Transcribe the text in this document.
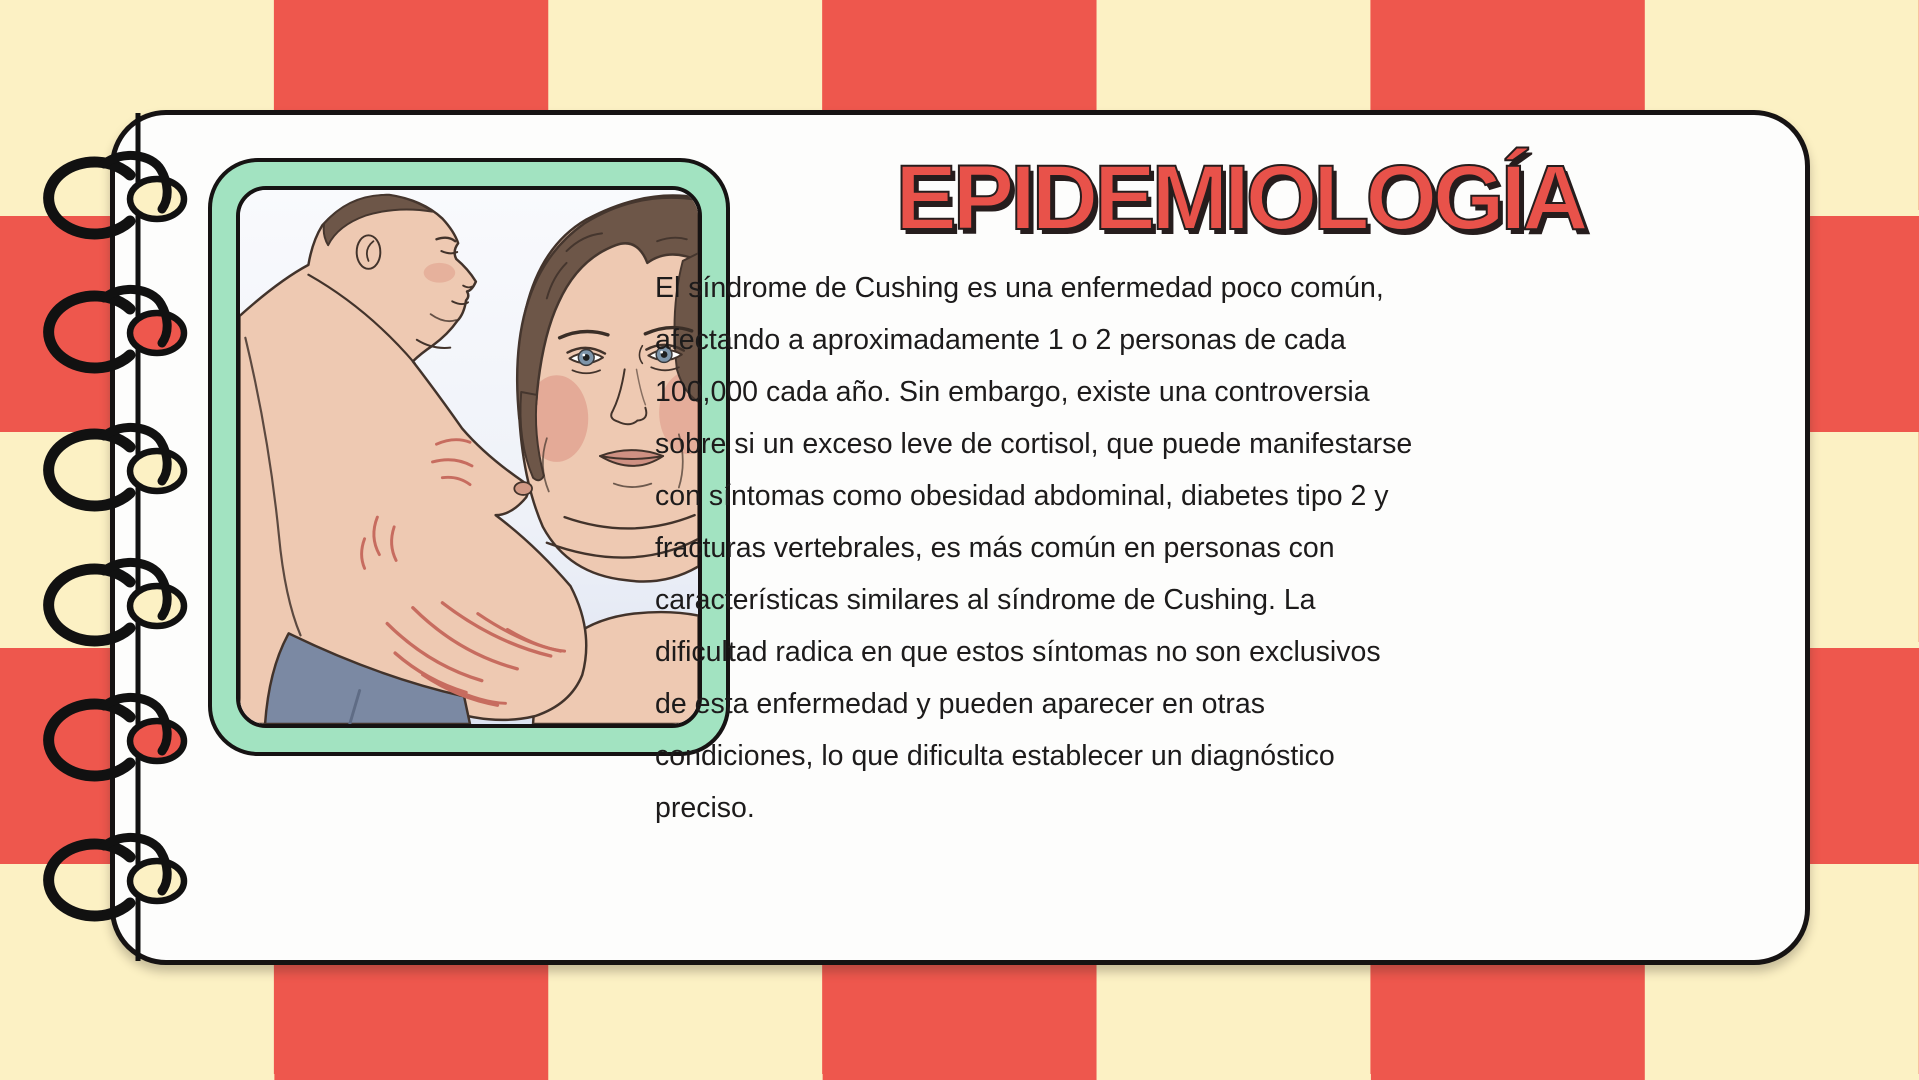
EPIDEMIOLOGÍA
El síndrome de Cushing es una enfermedad poco común,
afectando a aproximadamente 1 o 2 personas de cada
100,000 cada año. Sin embargo, existe una controversia
sobre si un exceso leve de cortisol, que puede manifestarse
con síntomas como obesidad abdominal, diabetes tipo 2 y
fracturas vertebrales, es más común en personas con
características similares al síndrome de Cushing. La
dificultad radica en que estos síntomas no son exclusivos
de esta enfermedad y pueden aparecer en otras
condiciones, lo que dificulta establecer un diagnóstico
preciso.
